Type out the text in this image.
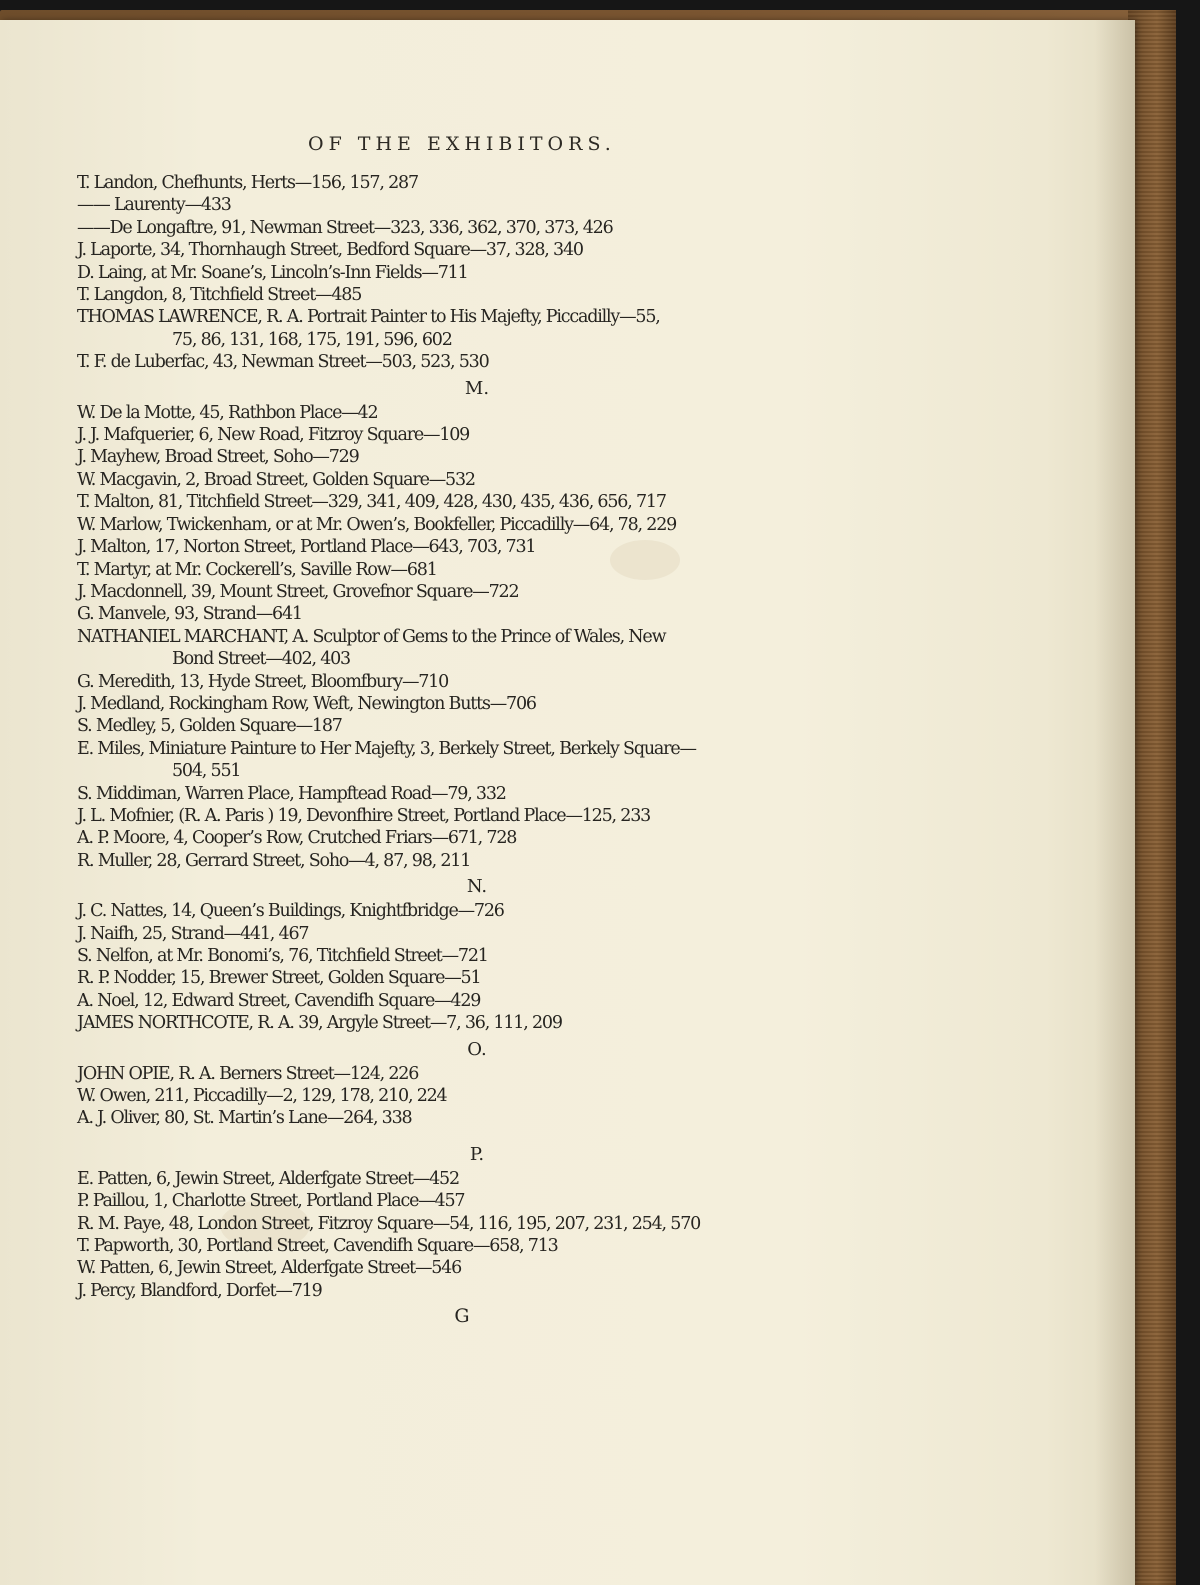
OF THE EXHIBITORS.
T. Landon, Chefhunts, Herts—156, 157, 287
—— Laurenty—433
——De Longaftre, 91, Newman Street—323, 336, 362, 370, 373, 426
J. Laporte, 34, Thornhaugh Street, Bedford Square—37, 328, 340
D. Laing, at Mr. Soane’s, Lincoln’s-Inn Fields—711
T. Langdon, 8, Titchfield Street—485
THOMAS LAWRENCE, R. A. Portrait Painter to His Majefty, Piccadilly—55,
75, 86, 131, 168, 175, 191, 596, 602
T. F. de Luberfac, 43, Newman Street—503, 523, 530
M.
W. De la Motte, 45, Rathbon Place—42
J. J. Mafquerier, 6, New Road, Fitzroy Square—109
J. Mayhew, Broad Street, Soho—729
W. Macgavin, 2, Broad Street, Golden Square—532
T. Malton, 81, Titchfield Street—329, 341, 409, 428, 430, 435, 436, 656, 717
W. Marlow, Twickenham, or at Mr. Owen’s, Bookfeller, Piccadilly—64, 78, 229
J. Malton, 17, Norton Street, Portland Place—643, 703, 731
T. Martyr, at Mr. Cockerell’s, Saville Row—681
J. Macdonnell, 39, Mount Street, Grovefnor Square—722
G. Manvele, 93, Strand—641
NATHANIEL MARCHANT, A. Sculptor of Gems to the Prince of Wales, New
Bond Street—402, 403
G. Meredith, 13, Hyde Street, Bloomfbury—710
J. Medland, Rockingham Row, Weft, Newington Butts—706
S. Medley, 5, Golden Square—187
E. Miles, Miniature Painture to Her Majefty, 3, Berkely Street, Berkely Square—
504, 551
S. Middiman, Warren Place, Hampftead Road—79, 332
J. L. Mofnier, (R. A. Paris ) 19, Devonfhire Street, Portland Place—125, 233
A. P. Moore, 4, Cooper’s Row, Crutched Friars—671, 728
R. Muller, 28, Gerrard Street, Soho—4, 87, 98, 211
N.
J. C. Nattes, 14, Queen’s Buildings, Knightfbridge—726
J. Naifh, 25, Strand—441, 467
S. Nelfon, at Mr. Bonomi’s, 76, Titchfield Street—721
R. P. Nodder, 15, Brewer Street, Golden Square—51
A. Noel, 12, Edward Street, Cavendifh Square—429
JAMES NORTHCOTE, R. A. 39, Argyle Street—7, 36, 111, 209
O.
JOHN OPIE, R. A. Berners Street—124, 226
W. Owen, 211, Piccadilly—2, 129, 178, 210, 224
A. J. Oliver, 80, St. Martin’s Lane—264, 338
P.
E. Patten, 6, Jewin Street, Alderfgate Street—452
P. Paillou, 1, Charlotte Street, Portland Place—457
R. M. Paye, 48, London Street, Fitzroy Square—54, 116, 195, 207, 231, 254, 570
T. Papworth, 30, Portland Street, Cavendifh Square—658, 713
W. Patten, 6, Jewin Street, Alderfgate Street—546
J. Percy, Blandford, Dorfet—719
G
